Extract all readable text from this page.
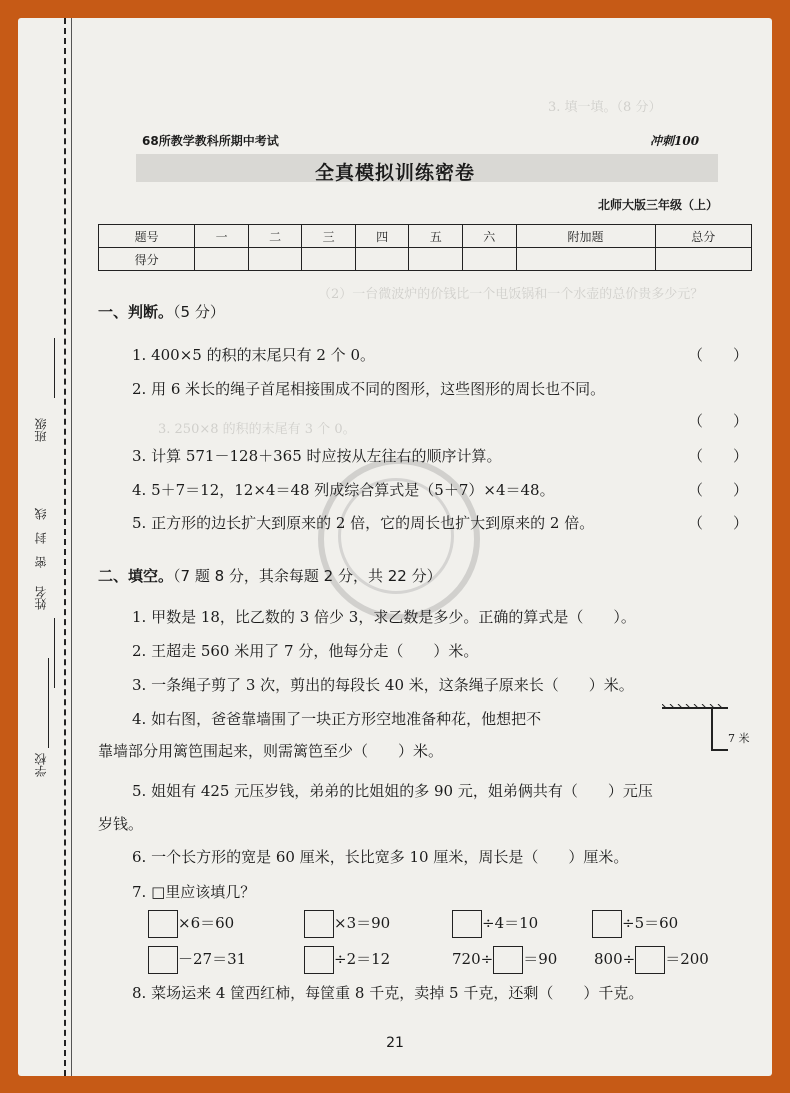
班级
密　封　线
姓名
学校
3. 填一填。（8 分）
（2）一台微波炉的价钱比一个电饭锅和一个水壶的总价贵多少元？
3. 250×8 的积的末尾有 3 个 0。
68所教学教科所期中考试	冲刺100
全真模拟训练密卷
北师大版三年级（上）
题号	一	二	三	四	五	六	附加题	总分
得分								
一、判断。（5 分）
1. 400×5 的积的末尾只有 2 个 0。	（　　）
2. 用 6 米长的绳子首尾相接围成不同的图形，这些图形的周长也不同。
（　　）
3. 计算 571－128＋365 时应按从左往右的顺序计算。	（　　）
4. 5＋7＝12，12×4＝48 列成综合算式是（5＋7）×4＝48。	（　　）
5. 正方形的边长扩大到原来的 2 倍，它的周长也扩大到原来的 2 倍。	（　　）
二、填空。（7 题 8 分，其余每题 2 分，共 22 分）
1. 甲数是 18，比乙数的 3 倍少 3，求乙数是多少。正确的算式是（　　）。
2. 王超走 560 米用了 7 分，他每分走（　　）米。
3. 一条绳子剪了 3 次，剪出的每段长 40 米，这条绳子原来长（　　）米。
4. 如右图，爸爸靠墙围了一块正方形空地准备种花，他想把不
靠墙部分用篱笆围起来，则需篱笆至少（　　）米。
7 米
5. 姐姐有 425 元压岁钱，弟弟的比姐姐的多 90 元，姐弟俩共有（　　）元压
岁钱。
6. 一个长方形的宽是 60 厘米，长比宽多 10 厘米，周长是（　　）厘米。
7. □里应该填几？
×6＝60	×3＝90	÷4＝10	÷5＝60
－27＝31	÷2＝12	720÷ ＝90 800÷ ＝200
8. 菜场运来 4 筐西红柿，每筐重 8 千克，卖掉 5 千克，还剩（　　）千克。
21
